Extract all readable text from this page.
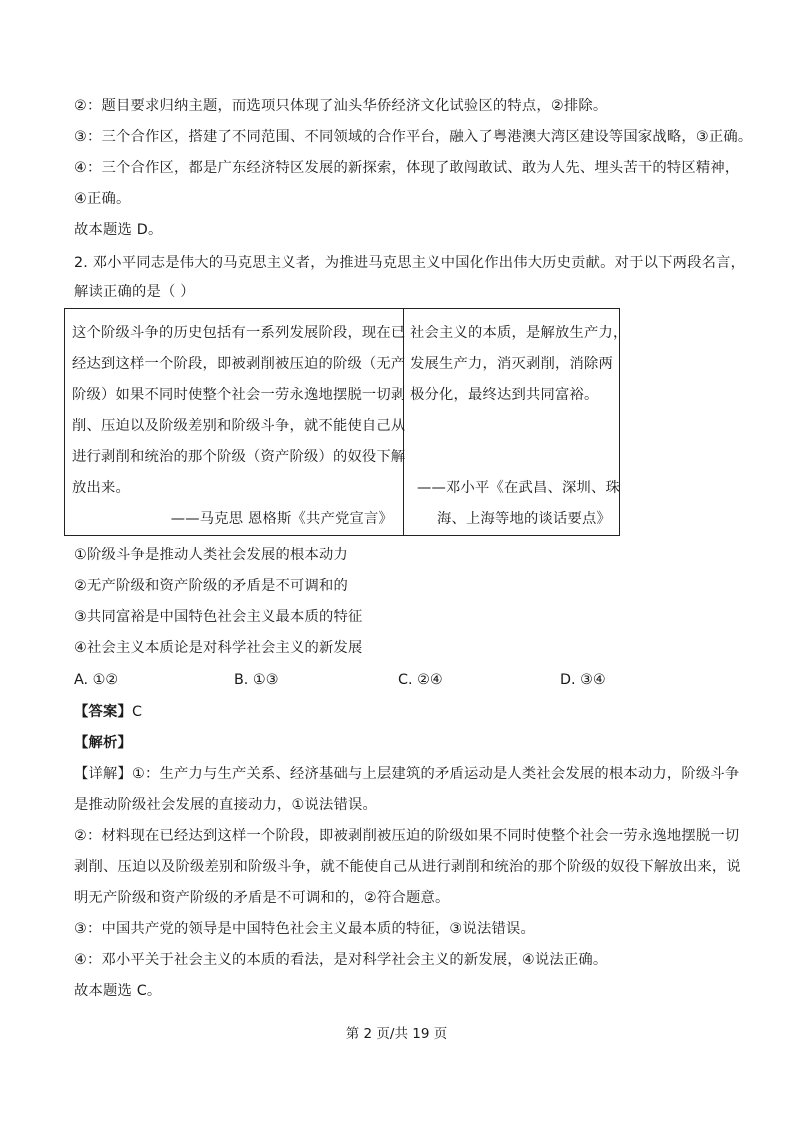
②：题目要求归纳主题，而选项只体现了汕头华侨经济文化试验区的特点，②排除。
③：三个合作区，搭建了不同范围、不同领域的合作平台，融入了粤港澳大湾区建设等国家战略，③正确。
④：三个合作区，都是广东经济特区发展的新探索，体现了敢闯敢试、敢为人先、埋头苦干的特区精神，
④正确。
故本题选 D。
2. 邓小平同志是伟大的马克思主义者，为推进马克思主义中国化作出伟大历史贡献。对于以下两段名言，
解读正确的是（ ）
这个阶级斗争的历史包括有一系列发展阶段，现在已
经达到这样一个阶段，即被剥削被压迫的阶级（无产
阶级）如果不同时使整个社会一劳永逸地摆脱一切剥
削、压迫以及阶级差别和阶级斗争，就不能使自己从
进行剥削和统治的那个阶级（资产阶级）的奴役下解
放出来。
——马克思 恩格斯《共产党宣言》
社会主义的本质，是解放生产力，
发展生产力，消灭剥削，消除两
极分化，最终达到共同富裕。
——邓小平《在武昌、深圳、珠
海、上海等地的谈话要点》
①阶级斗争是推动人类社会发展的根本动力
②无产阶级和资产阶级的矛盾是不可调和的
③共同富裕是中国特色社会主义最本质的特征
④社会主义本质论是对科学社会主义的新发展
A. ①②	B. ①③	C. ②④	D. ③④
【答案】C
【解析】
【详解】①：生产力与生产关系、经济基础与上层建筑的矛盾运动是人类社会发展的根本动力，阶级斗争
是推动阶级社会发展的直接动力，①说法错误。
②：材料现在已经达到这样一个阶段，即被剥削被压迫的阶级如果不同时使整个社会一劳永逸地摆脱一切
剥削、压迫以及阶级差别和阶级斗争，就不能使自己从进行剥削和统治的那个阶级的奴役下解放出来，说
明无产阶级和资产阶级的矛盾是不可调和的，②符合题意。
③：中国共产党的领导是中国特色社会主义最本质的特征，③说法错误。
④：邓小平关于社会主义的本质的看法，是对科学社会主义的新发展，④说法正确。
故本题选 C。
第 2 页/共 19 页
